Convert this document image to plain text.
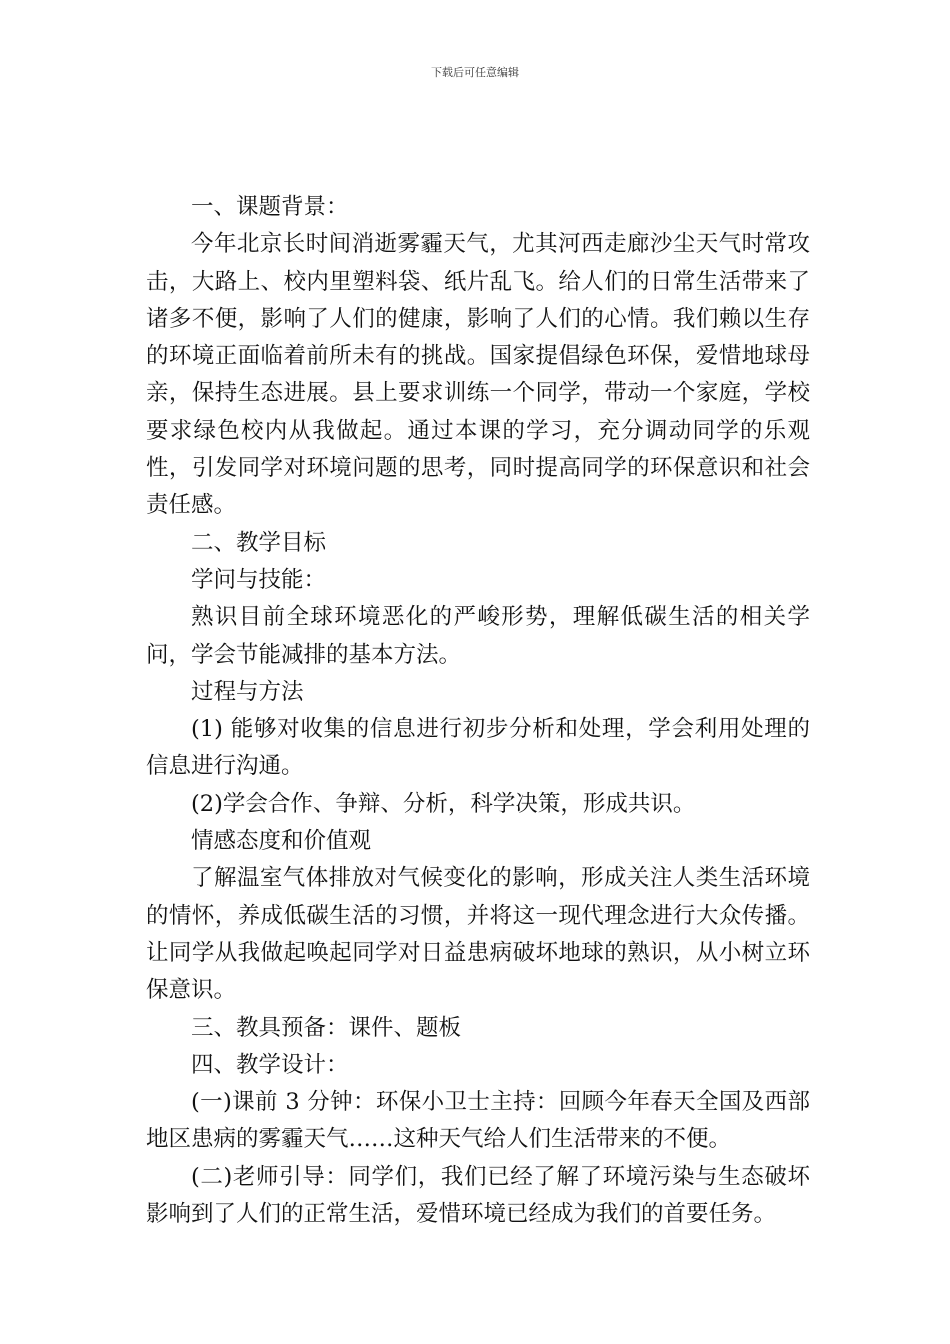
下载后可任意编辑

一、课题背景：

今年北京长时间消逝雾霾天气，尤其河西走廊沙尘天气时常攻击，大路上、校内里塑料袋、纸片乱飞。给人们的日常生活带来了诸多不便，影响了人们的健康，影响了人们的心情。我们赖以生存的环境正面临着前所未有的挑战。国家提倡绿色环保，爱惜地球母亲，保持生态进展。县上要求训练一个同学，带动一个家庭，学校要求绿色校内从我做起。通过本课的学习，充分调动同学的乐观性，引发同学对环境问题的思考，同时提高同学的环保意识和社会责任感。

二、教学目标

学问与技能：

熟识目前全球环境恶化的严峻形势，理解低碳生活的相关学问，学会节能减排的基本方法。

过程与方法

(1) 能够对收集的信息进行初步分析和处理，学会利用处理的信息进行沟通。

(2)学会合作、争辩、分析，科学决策，形成共识。

情感态度和价值观

了解温室气体排放对气候变化的影响，形成关注人类生活环境的情怀，养成低碳生活的习惯，并将这一现代理念进行大众传播。让同学从我做起唤起同学对日益患病破坏地球的熟识，从小树立环保意识。

三、教具预备：课件、题板

四、教学设计：

(一)课前 3 分钟：环保小卫士主持：回顾今年春天全国及西部地区患病的雾霾天气……这种天气给人们生活带来的不便。

(二)老师引导：同学们，我们已经了解了环境污染与生态破坏影响到了人们的正常生活，爱惜环境已经成为我们的首要任务。
